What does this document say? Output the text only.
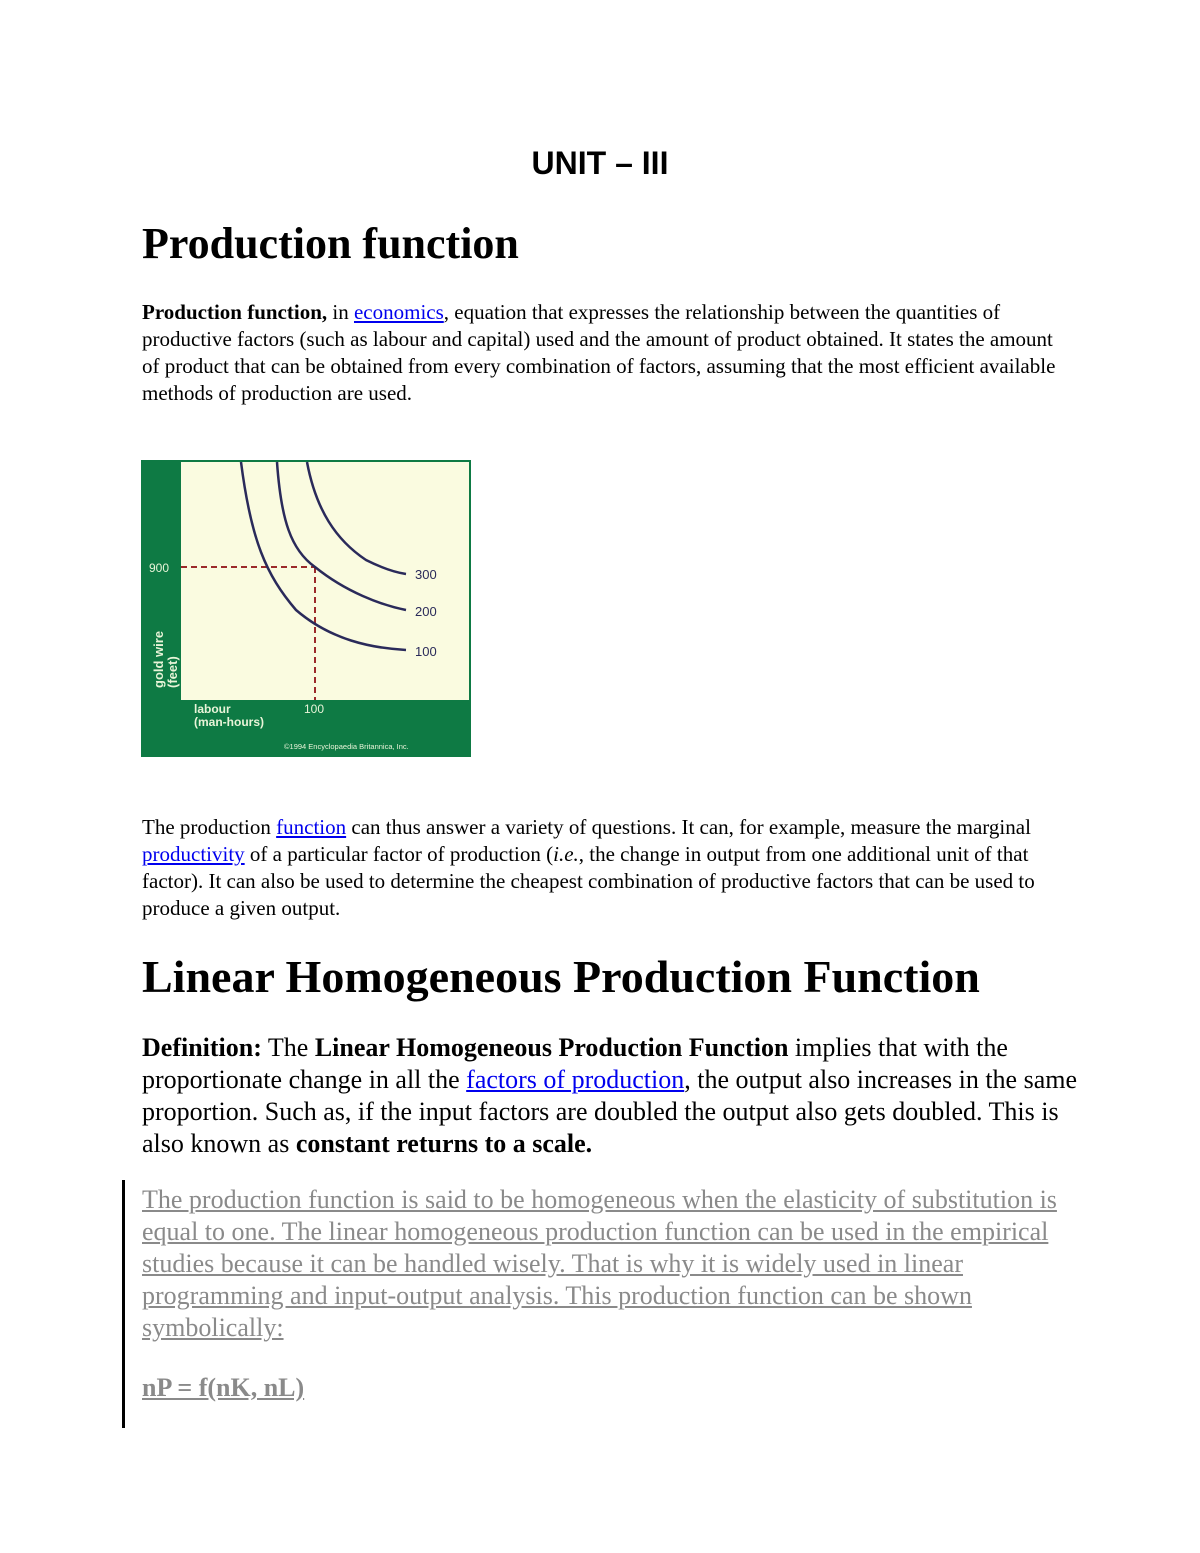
UNIT – III
Production function

Production function, in economics, equation that expresses the relationship between the quantities of productive factors (such as labour and capital) used and the amount of product obtained. It states the amount of product that can be obtained from every combination of factors, assuming that the most efficient available methods of production are used.

300
200
100
900
gold wire (feet)
labour
(man-hours)
100
©1994 Encyclopaedia Britannica, Inc.

The production function can thus answer a variety of questions. It can, for example, measure the marginal productivity of a particular factor of production (i.e., the change in output from one additional unit of that factor). It can also be used to determine the cheapest combination of productive factors that can be used to produce a given output.

Linear Homogeneous Production Function

Definition: The Linear Homogeneous Production Function implies that with the proportionate change in all the factors of production, the output also increases in the same proportion. Such as, if the input factors are doubled the output also gets doubled. This is also known as constant returns to a scale.

The production function is said to be homogeneous when the elasticity of substitution is equal to one. The linear homogeneous production function can be used in the empirical studies because it can be handled wisely. That is why it is widely used in linear programming and input-output analysis. This production function can be shown symbolically:

nP = f(nK, nL)
